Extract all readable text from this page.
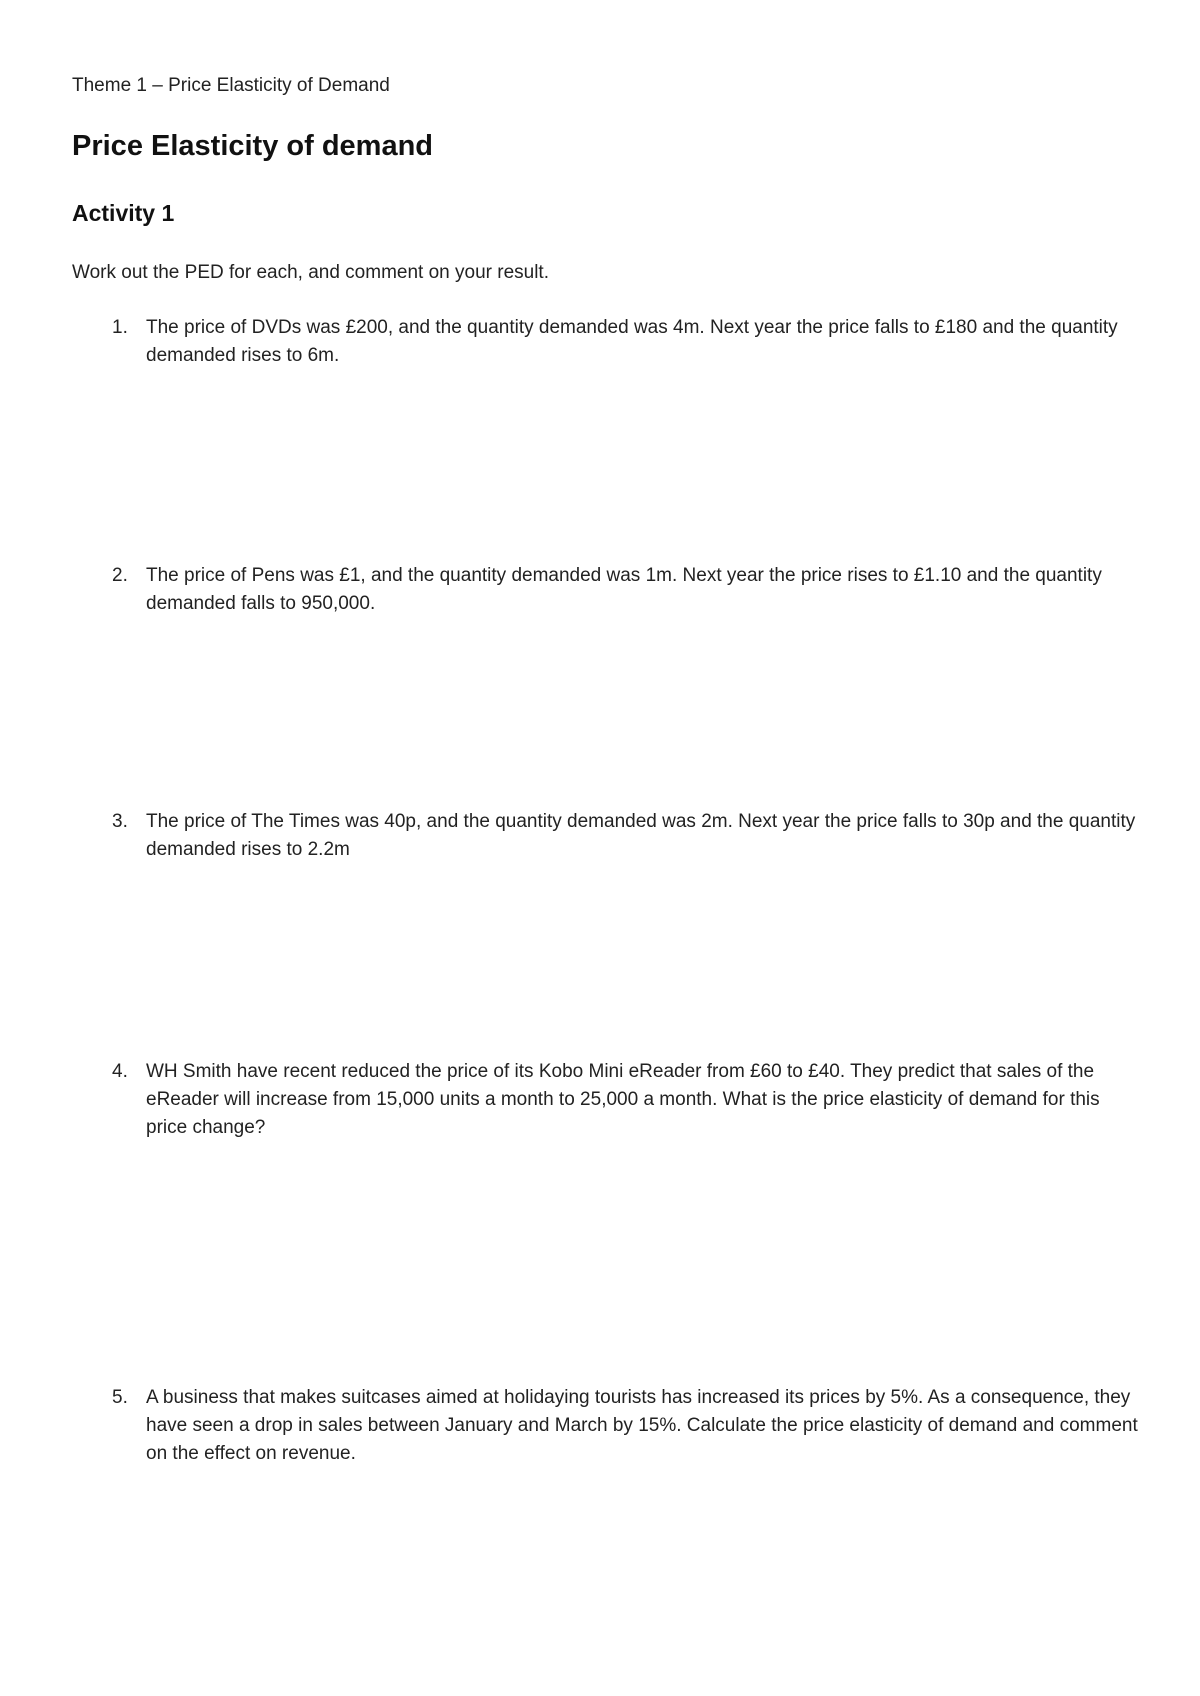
Theme 1 – Price Elasticity of Demand
Price Elasticity of demand
Activity 1

Work out the PED for each, and comment on your result.

1. The price of DVDs was £200, and the quantity demanded was 4m. Next year the price falls to £180 and the quantity demanded rises to 6m.
2. The price of Pens was £1, and the quantity demanded was 1m. Next year the price rises to £1.10 and the quantity demanded falls to 950,000.
3. The price of The Times was 40p, and the quantity demanded was 2m. Next year the price falls to 30p and the quantity demanded rises to 2.2m
4. WH Smith have recent reduced the price of its Kobo Mini eReader from £60 to £40. They predict that sales of the eReader will increase from 15,000 units a month to 25,000 a month. What is the price elasticity of demand for this price change?
5. A business that makes suitcases aimed at holidaying tourists has increased its prices by 5%. As a consequence, they have seen a drop in sales between January and March by 15%. Calculate the price elasticity of demand and comment on the effect on revenue.
